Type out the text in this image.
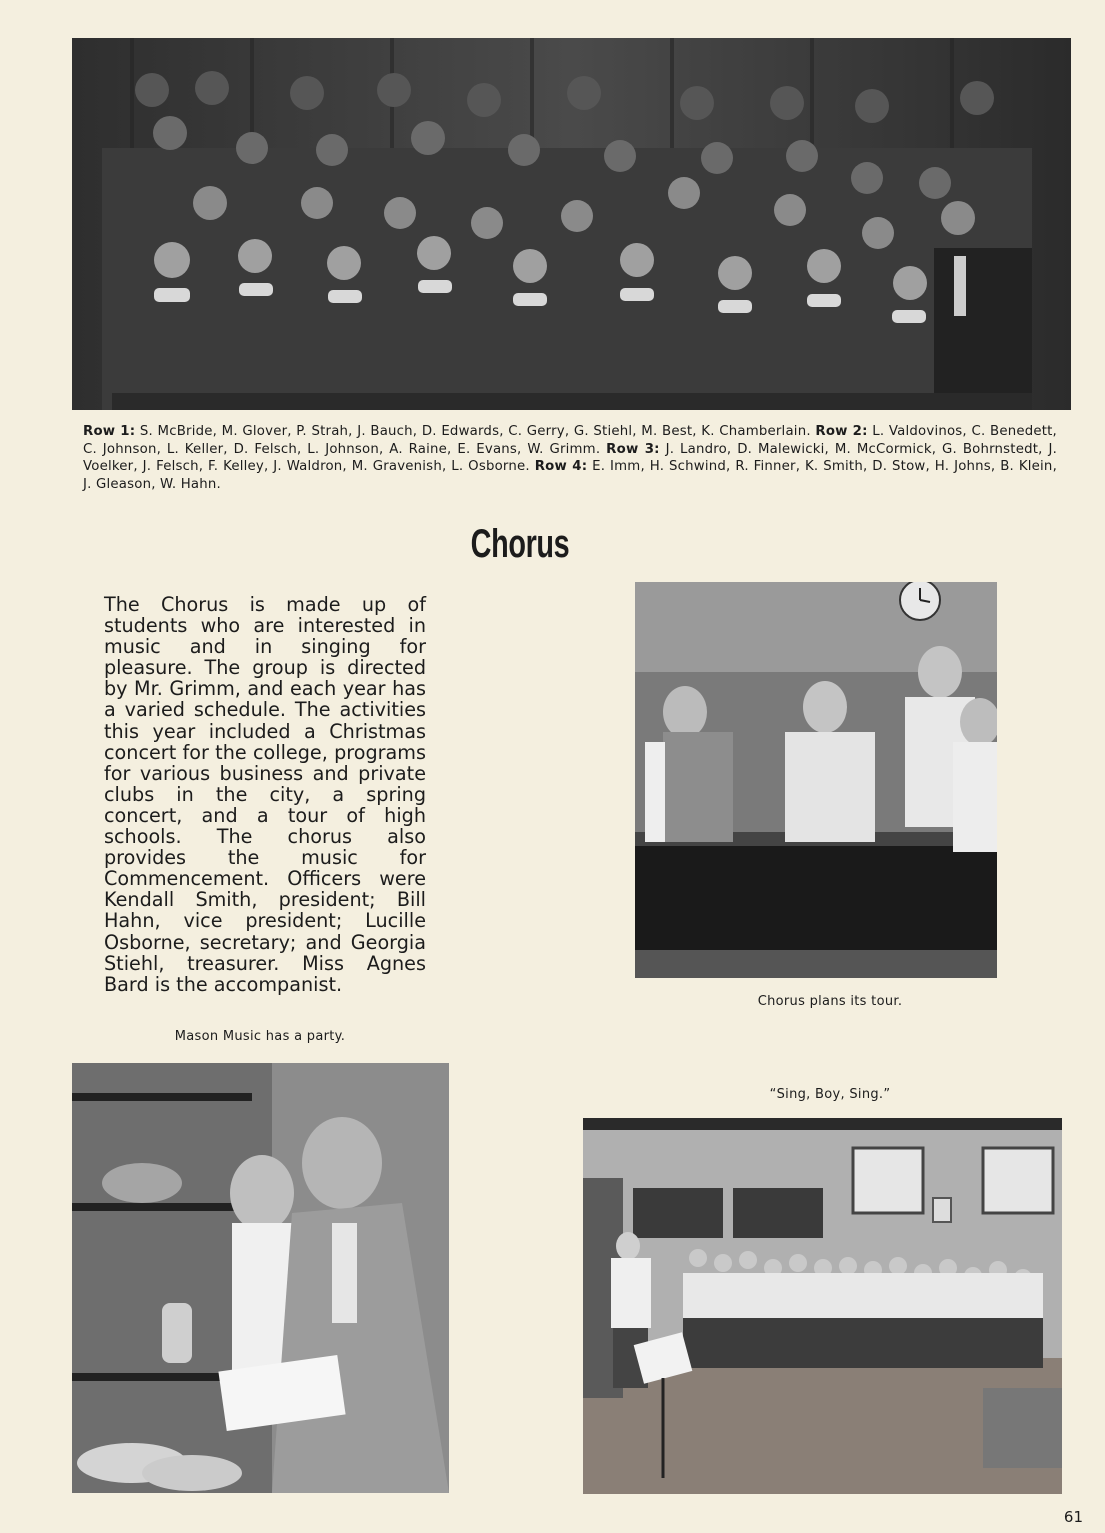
Row 1: S. McBride, M. Glover, P. Strah, J. Bauch, D. Edwards, C. Gerry, G. Stiehl, M. Best, K. Chamberlain. Row 2: L. Valdovinos, C. Benedett, C. Johnson, L. Keller, D. Felsch, L. Johnson, A. Raine, E. Evans, W. Grimm. Row 3: J. Landro, D. Malewicki, M. McCormick, G. Bohrnstedt, J. Voelker, J. Felsch, F. Kelley, J. Waldron, M. Gravenish, L. Osborne. Row 4: E. Imm, H. Schwind, R. Finner, K. Smith, D. Stow, H. Johns, B. Klein, J. Gleason, W. Hahn.
Chorus
The Chorus is made up of students who are interested in music and in singing for pleasure. The group is directed by Mr. Grimm, and each year has a varied schedule. The activities this year included a Christmas concert for the college, programs for various business and private clubs in the city, a spring concert, and a tour of high schools. The chorus also provides the music for Commencement. Officers were Kendall Smith, president; Bill Hahn, vice president; Lucille Osborne, secretary; and Georgia Stiehl, treasurer. Miss Agnes Bard is the accompanist.
Chorus plans its tour.
Mason Music has a party.
“Sing, Boy, Sing.”
61
